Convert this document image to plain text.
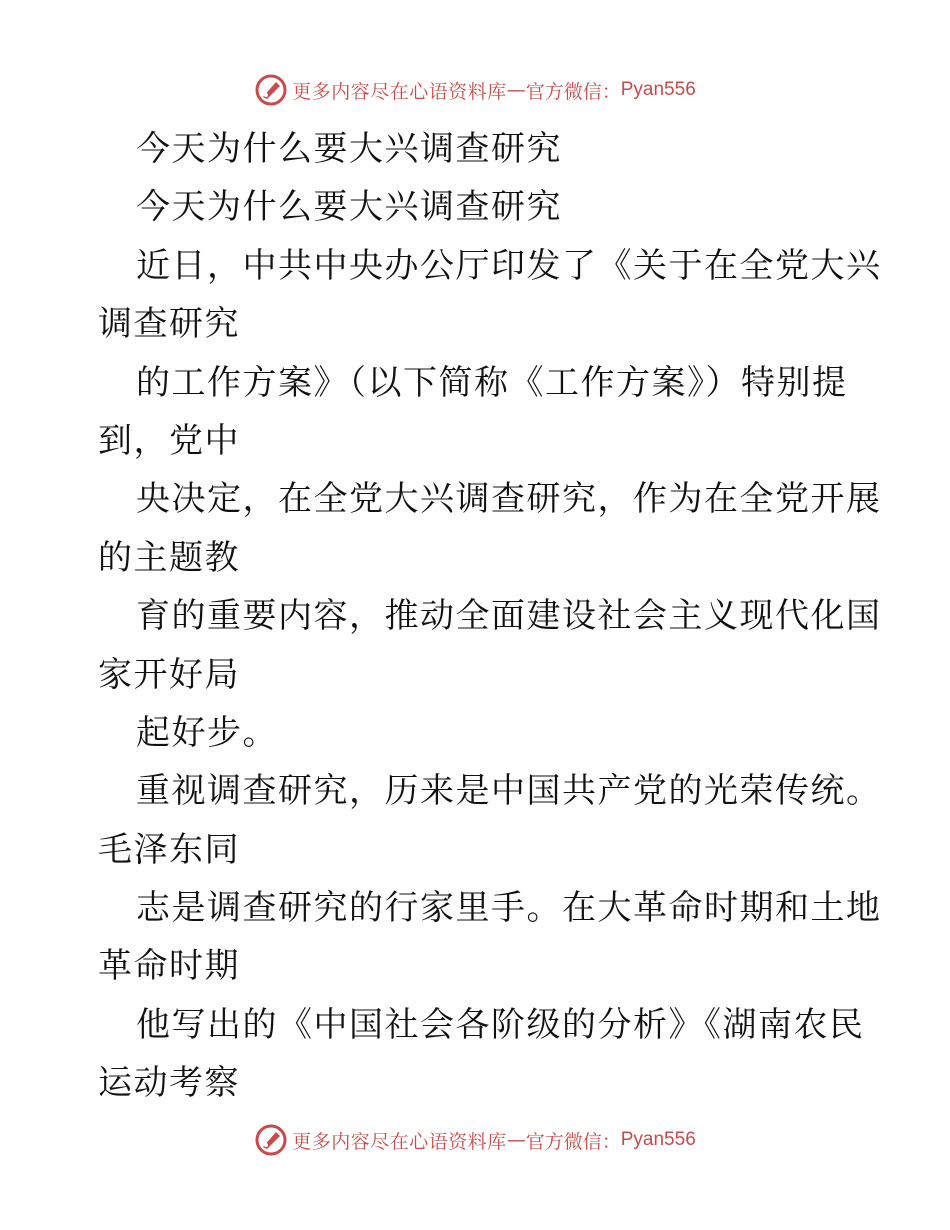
更多内容尽在心语资料库 — 官方微信： Pyan556
今天为什么要大兴调查研究
今天为什么要大兴调查研究
近日，中共中央办公厅印发了《关于在全党大兴
调查研究
的工作方案》（以下简称《工作方案》）特别提
到，党中
央决定，在全党大兴调查研究，作为在全党开展
的主题教
育的重要内容，推动全面建设社会主义现代化国
家开好局
起好步。
重视调查研究，历来是中国共产党的光荣传统。
毛泽东同
志是调查研究的行家里手。在大革命时期和土地
革命时期
他写出的《中国社会各阶级的分析》《湖南农民
运动考察
更多内容尽在心语资料库 — 官方微信： Pyan556
